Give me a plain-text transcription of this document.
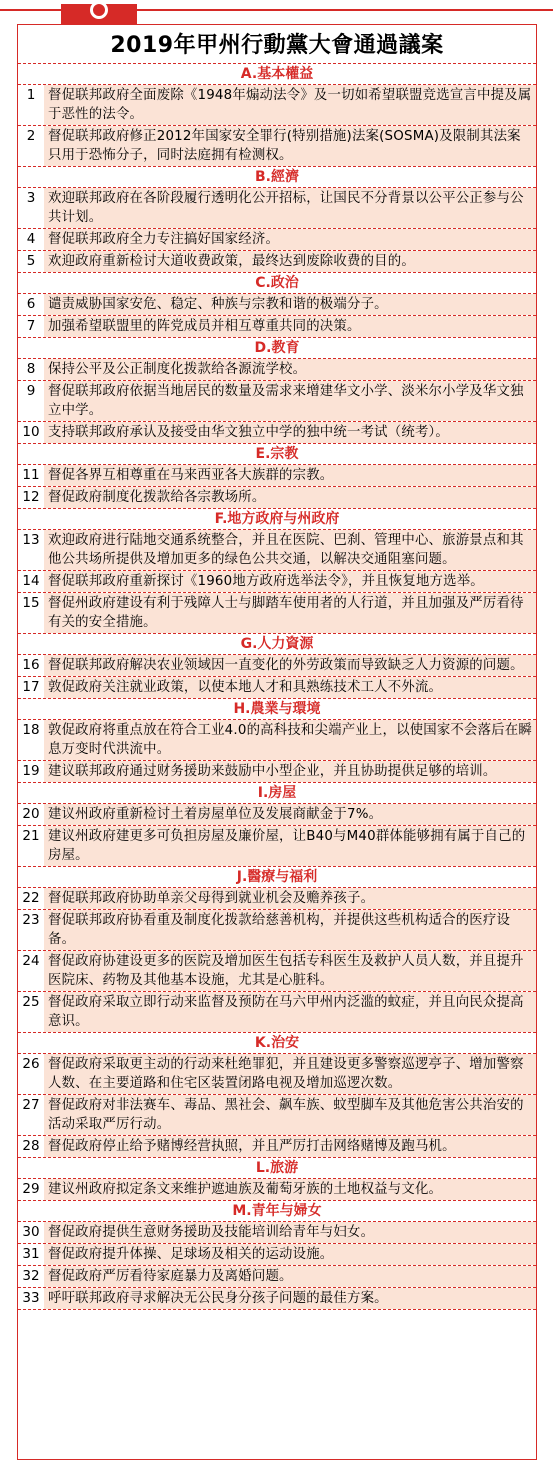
2019年甲州行動黨大會通過議案
A.基本權益
1 督促联邦政府全面废除《1948年煽动法令》及一切如希望联盟竞选宣言中提及属于恶性的法令。
2 督促联邦政府修正2012年国家安全罪行(特别措施)法案(SOSMA)及限制其法案只用于恐怖分子，同时法庭拥有检测权。
B.經濟
3 欢迎联邦政府在各阶段履行透明化公开招标，让国民不分背景以公平公正参与公共计划。
4 督促联邦政府全力专注搞好国家经济。
5 欢迎政府重新检讨大道收费政策，最终达到废除收费的目的。
C.政治
6 谴责威胁国家安危、稳定、种族与宗教和谐的极端分子。
7 加强希望联盟里的阵党成员并相互尊重共同的决策。
D.教育
8 保持公平及公正制度化拨款给各源流学校。
9 督促联邦政府依据当地居民的数量及需求来增建华文小学、淡米尔小学及华文独立中学。
10 支持联邦政府承认及接受由华文独立中学的独中统一考试（统考）。
E.宗教
11 督促各界互相尊重在马来西亚各大族群的宗教。
12 督促政府制度化拨款给各宗教场所。
F.地方政府与州政府
13 欢迎政府进行陆地交通系统整合，并且在医院、巴刹、管理中心、旅游景点和其他公共场所提供及增加更多的绿色公共交通，以解决交通阻塞问题。
14 督促联邦政府重新探讨《1960地方政府选举法令》，并且恢复地方选举。
15 督促州政府建设有利于残障人士与脚踏车使用者的人行道，并且加强及严厉看待有关的安全措施。
G.人力資源
16 督促联邦政府解决农业领域因一直变化的外劳政策而导致缺乏人力资源的问题。
17 敦促政府关注就业政策，以使本地人才和具熟练技术工人不外流。
H.農業与環境
18 敦促政府将重点放在符合工业4.0的高科技和尖端产业上，以使国家不会落后在瞬息万变时代洪流中。
19 建议联邦政府通过财务援助来鼓励中小型企业，并且协助提供足够的培训。
I.房屋
20 建议州政府重新检讨土着房屋单位及发展商献金于7%。
21 建议州政府建更多可负担房屋及廉价屋，让B40与M40群体能够拥有属于自己的房屋。
J.醫療与福利
22 督促联邦政府协助单亲父母得到就业机会及赡养孩子。
23 督促联邦政府协看重及制度化拨款给慈善机构，并提供这些机构适合的医疗设备。
24 督促政府协建设更多的医院及增加医生包括专科医生及救护人员人数，并且提升医院床、药物及其他基本设施，尤其是心脏科。
25 督促政府采取立即行动来监督及预防在马六甲州内泛滥的蚊症，并且向民众提高意识。
K.治安
26 督促政府采取更主动的行动来杜绝罪犯，并且建设更多警察巡逻亭子、增加警察人数、在主要道路和住宅区装置闭路电视及增加巡逻次数。
27 督促政府对非法赛车、毒品、黑社会、飙车族、蚊型脚车及其他危害公共治安的活动采取严厉行动。
28 督促政府停止给予赌博经营执照，并且严厉打击网络赌博及跑马机。
L.旅游
29 建议州政府拟定条文来维护遮迪族及葡萄牙族的土地权益与文化。
M.青年与婦女
30 督促政府提供生意财务援助及技能培训给青年与妇女。
31 督促政府提升体操、足球场及相关的运动设施。
32 督促政府严厉看待家庭暴力及离婚问题。
33 呼吁联邦政府寻求解决无公民身分孩子问题的最佳方案。
